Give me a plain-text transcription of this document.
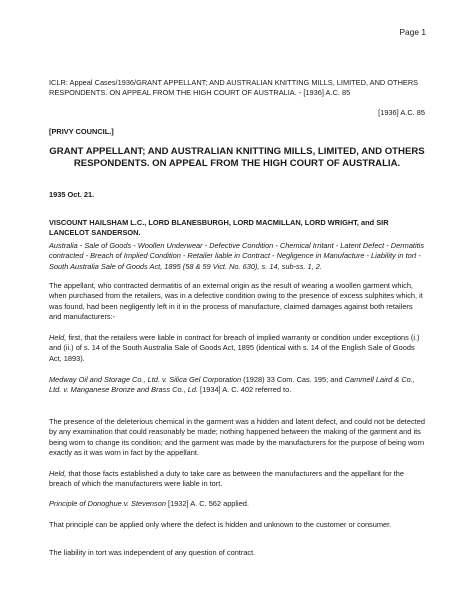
Page 1
ICLR: Appeal Cases/1936/GRANT APPELLANT; AND AUSTRALIAN KNITTING MILLS, LIMITED, AND OTHERS RESPONDENTS. ON APPEAL FROM THE HIGH COURT OF AUSTRALIA. - [1936] A.C. 85
[1936] A.C. 85
[PRIVY COUNCIL.]
GRANT APPELLANT; AND AUSTRALIAN KNITTING MILLS, LIMITED, AND OTHERS RESPONDENTS. ON APPEAL FROM THE HIGH COURT OF AUSTRALIA.
1935 Oct. 21.
VISCOUNT HAILSHAM L.C., LORD BLANESBURGH, LORD MACMILLAN, LORD WRIGHT, and SIR LANCELOT SANDERSON.
Australia - Sale of Goods - Woollen Underwear - Defective Condition - Chemical Irritant - Latent Defect - Dermatitis contracted - Breach of Implied Condition - Retailer liable in Contract - Negligence in Manufacture - Liability in tort - South Australia Sale of Goods Act, 1895 (58 & 59 Vict. No. 630), s. 14, sub-ss. 1, 2.
The appellant, who contracted dermatitis of an external origin as the result of wearing a woollen garment which, when purchased from the retailers, was in a defective condition owing to the presence of excess sulphites which, it was found, had been negligently left in it in the process of manufacture, claimed damages against both retailers and manufacturers:-
Held, first, that the retailers were liable in contract for breach of implied warranty or condition under exceptions (i.) and (ii.) of s. 14 of the South Australia Sale of Goods Act, 1895 (identical with s. 14 of the English Sale of Goods Act, 1893).
Medway Oil and Storage Co., Ltd. v. Silica Gel Corporation (1928) 33 Com. Cas. 195; and Cammell Laird & Co., Ltd. v. Manganese Bronze and Brass Co., Ld. [1934] A. C. 402 referred to.
The presence of the deleterious chemical in the garment was a hidden and latent defect, and could not be detected by any examination that could reasonably be made; nothing happened between the making of the garment and its being worn to change its condition; and the garment was made by the manufacturers for the purpose of being worn exactly as it was worn in fact by the appellant.
Held, that those facts established a duty to take care as between the manufacturers and the appellant for the breach of which the manufacturers were liable in tort.
Principle of Donoghue v. Stevenson [1932] A. C. 562 applied.
That principle can be applied only where the defect is hidden and unknown to the customer or consumer.
The liability in tort was independent of any question of contract.
